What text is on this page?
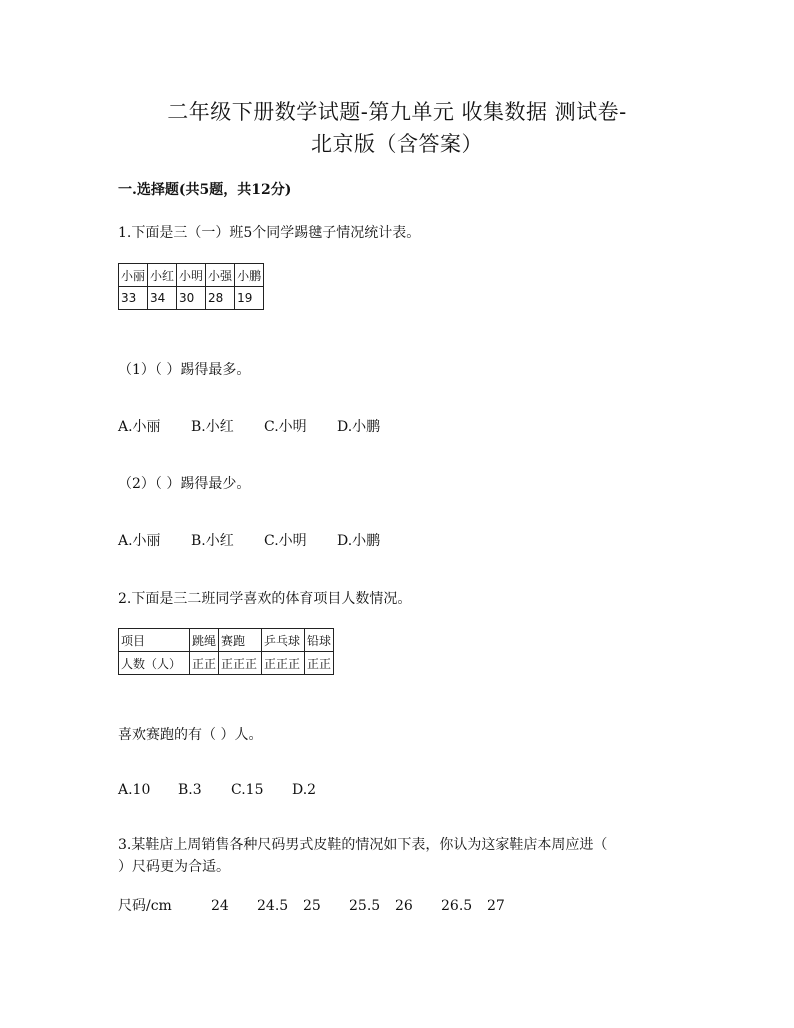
二年级下册数学试题-第九单元 收集数据 测试卷-
北京版（含答案）
一.选择题(共5题，共12分)
1.下面是三（一）班5个同学踢毽子情况统计表。
小丽	小红	小明	小强	小鹏
33	34	30	28	19
（1）（ ）踢得最多。
A.小丽 B.小红 C.小明 D.小鹏
（2）（ ）踢得最少。
A.小丽 B.小红 C.小明 D.小鹏
2.下面是三二班同学喜欢的体育项目人数情况。
项目	跳绳	赛跑	乒乓球	铅球
人数（人）	正正	正正正	正正正	正正
喜欢赛跑的有（ ）人。
A.10 B.3 C.15 D.2
3.某鞋店上周销售各种尺码男式皮鞋的情况如下表，你认为这家鞋店本周应进（
）尺码更为合适。
尺码/cm	24 24.5 25 25.5 26 26.5 27
